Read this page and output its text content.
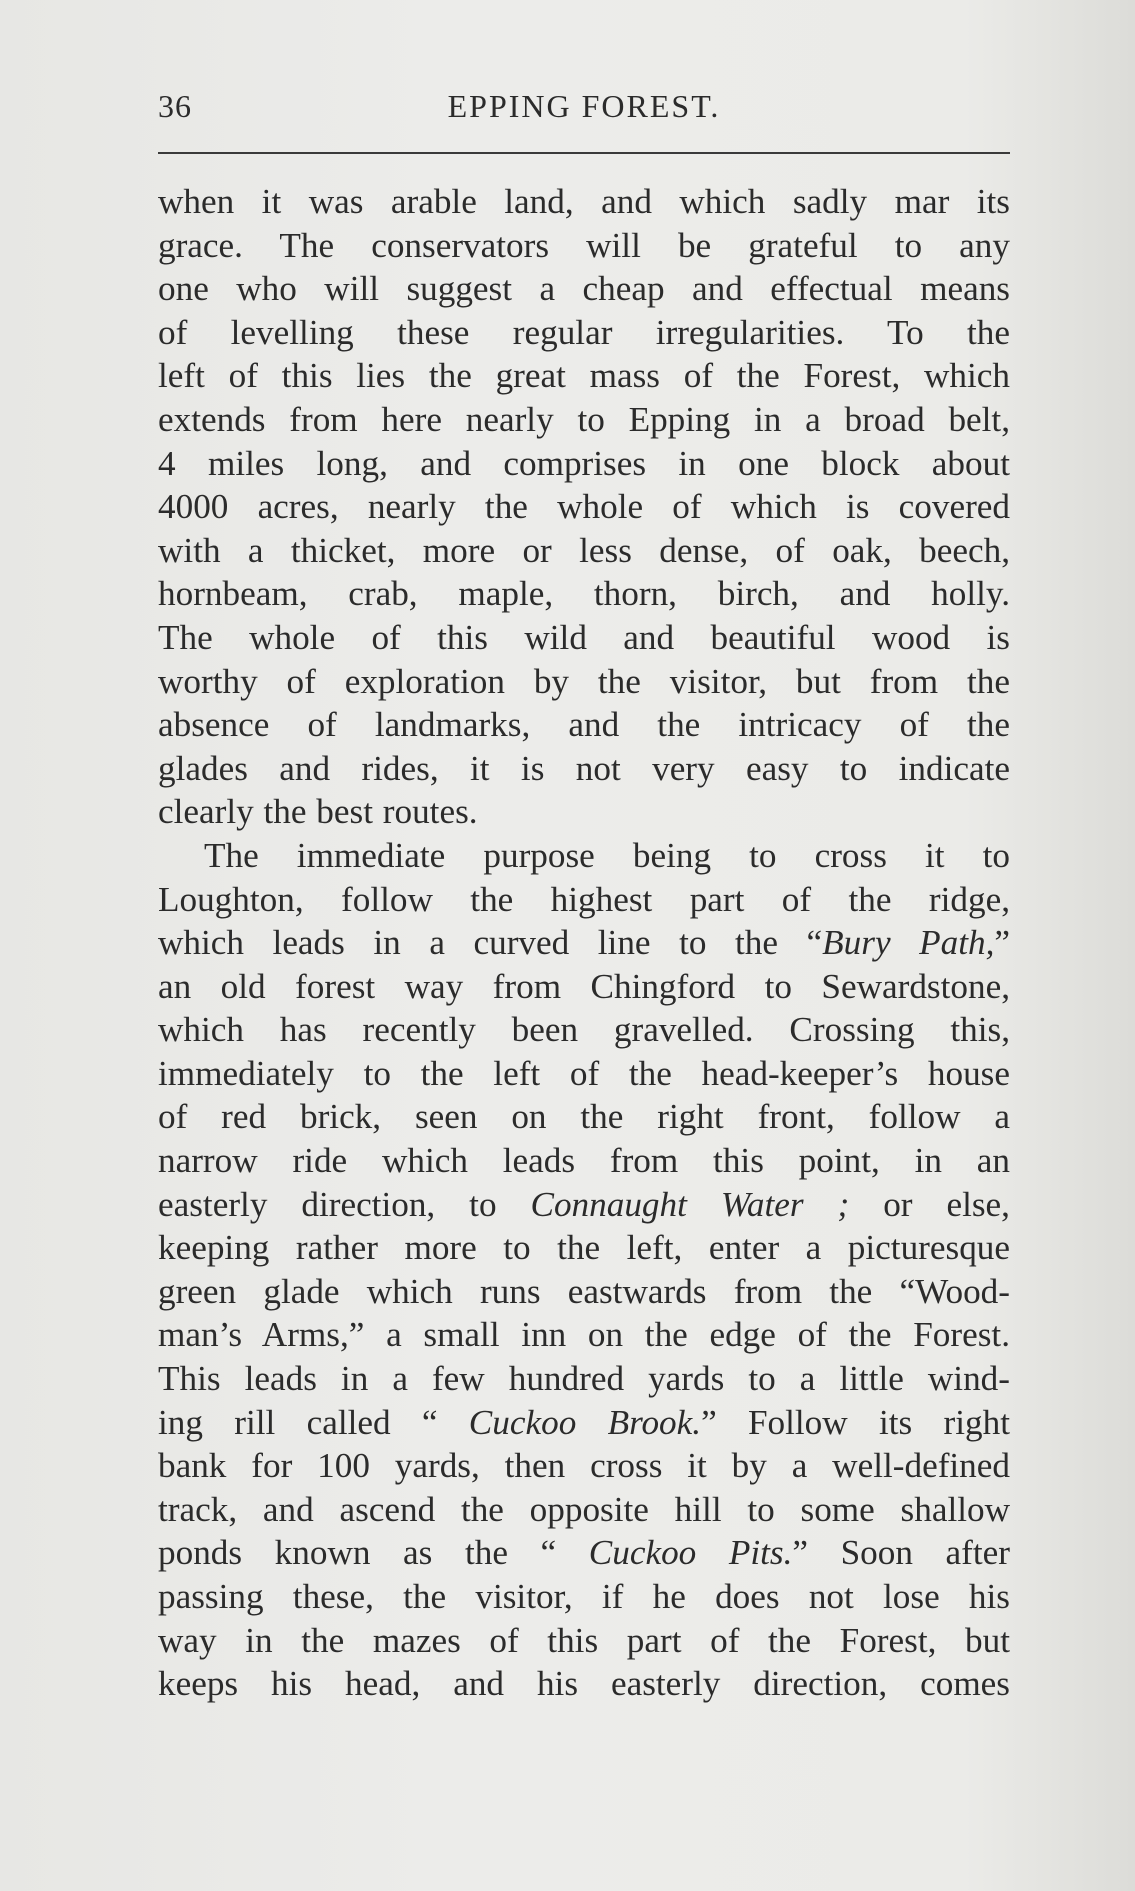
36	EPPING FOREST.
when it was arable land, and which sadly mar its
grace. The conservators will be grateful to any
one who will suggest a cheap and effectual means
of levelling these regular irregularities. To the
left of this lies the great mass of the Forest, which
extends from here nearly to Epping in a broad belt,
4 miles long, and comprises in one block about
4000 acres, nearly the whole of which is covered
with a thicket, more or less dense, of oak, beech,
hornbeam, crab, maple, thorn, birch, and holly.
The whole of this wild and beautiful wood is
worthy of exploration by the visitor, but from the
absence of landmarks, and the intricacy of the
glades and rides, it is not very easy to indicate
clearly the best routes.
The immediate purpose being to cross it to
Loughton, follow the highest part of the ridge,
which leads in a curved line to the “Bury Path,”
an old forest way from Chingford to Sewardstone,
which has recently been gravelled. Crossing this,
immediately to the left of the head-keeper’s house
of red brick, seen on the right front, follow a
narrow ride which leads from this point, in an
easterly direction, to Connaught Water ; or else,
keeping rather more to the left, enter a picturesque
green glade which runs eastwards from the “Wood-
man’s Arms,” a small inn on the edge of the Forest.
This leads in a few hundred yards to a little wind-
ing rill called “ Cuckoo Brook.” Follow its right
bank for 100 yards, then cross it by a well-defined
track, and ascend the opposite hill to some shallow
ponds known as the “ Cuckoo Pits.” Soon after
passing these, the visitor, if he does not lose his
way in the mazes of this part of the Forest, but
keeps his head, and his easterly direction, comes
